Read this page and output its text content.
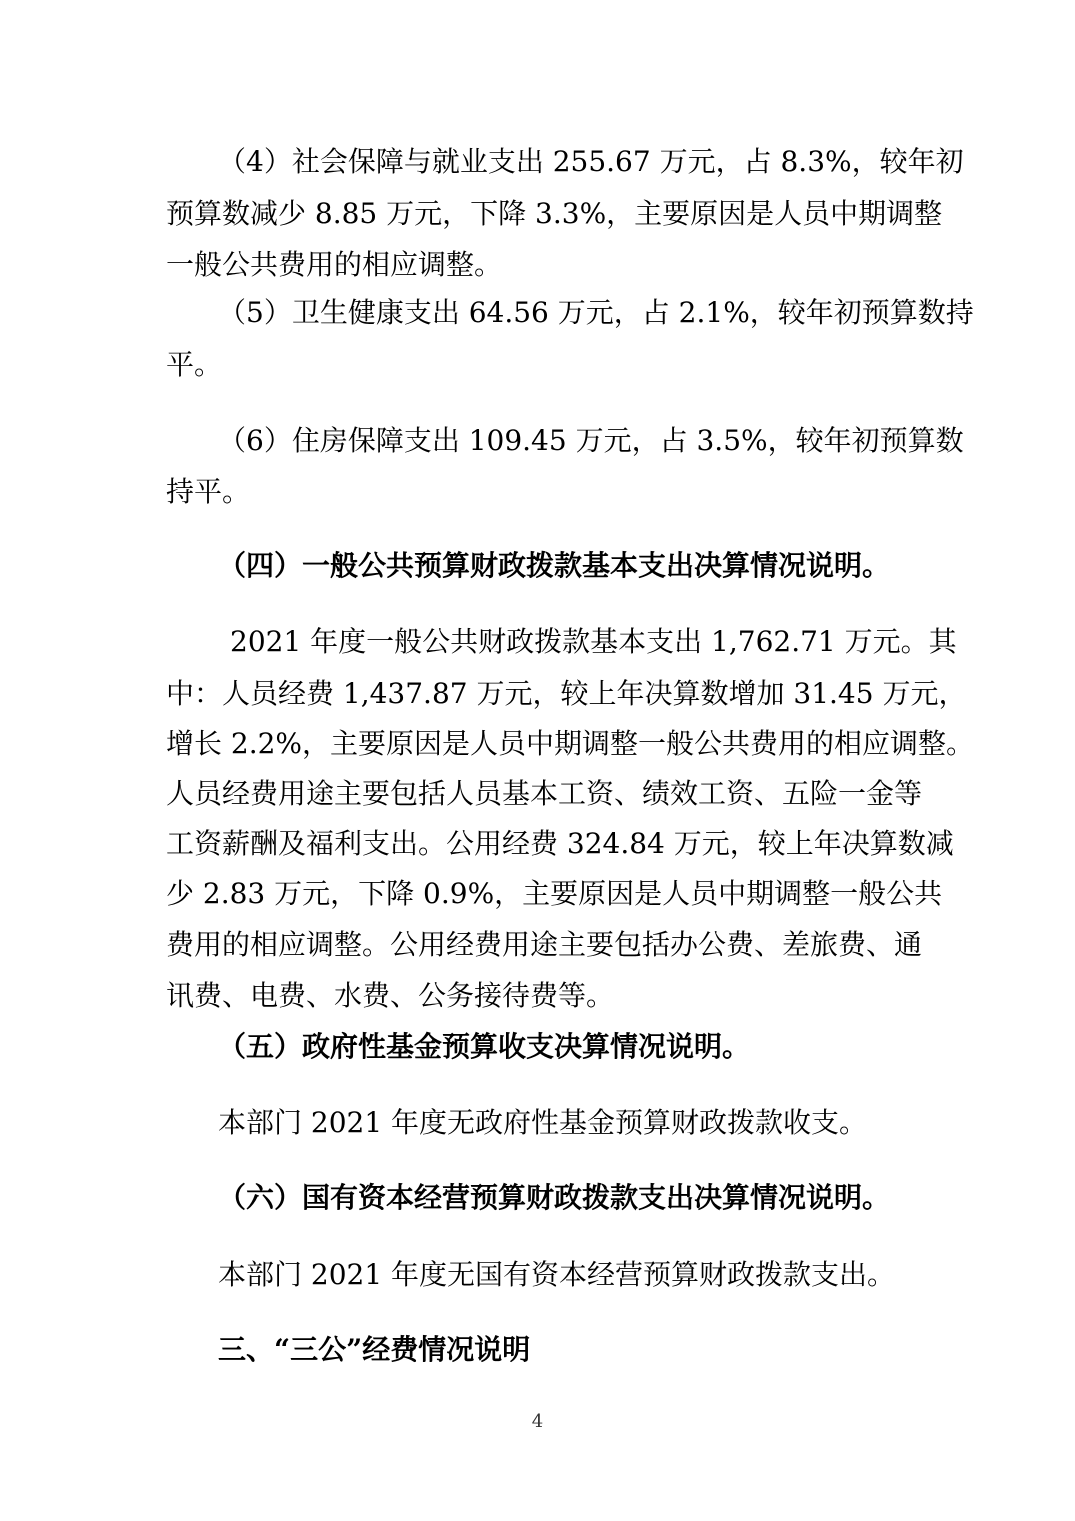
（4）社会保障与就业支出 255.67 万元，占 8.3%，较年初
预算数减少 8.85 万元，下降 3.3%，主要原因是人员中期调整
一般公共费用的相应调整。
（5）卫生健康支出 64.56 万元，占 2.1%，较年初预算数持
平。
（6）住房保障支出 109.45 万元，占 3.5%，较年初预算数
持平。
（四）一般公共预算财政拨款基本支出决算情况说明。
2021 年度一般公共财政拨款基本支出 1,762.71 万元。其
中：人员经费 1,437.87 万元，较上年决算数增加 31.45 万元，
增长 2.2%，主要原因是人员中期调整一般公共费用的相应调整。
人员经费用途主要包括人员基本工资、绩效工资、五险一金等
工资薪酬及福利支出。公用经费 324.84 万元，较上年决算数减
少 2.83 万元，下降 0.9%，主要原因是人员中期调整一般公共
费用的相应调整。公用经费用途主要包括办公费、差旅费、通
讯费、电费、水费、公务接待费等。
（五）政府性基金预算收支决算情况说明。
本部门 2021 年度无政府性基金预算财政拨款收支。
（六）国有资本经营预算财政拨款支出决算情况说明。
本部门 2021 年度无国有资本经营预算财政拨款支出。
三、“三公”经费情况说明
4
